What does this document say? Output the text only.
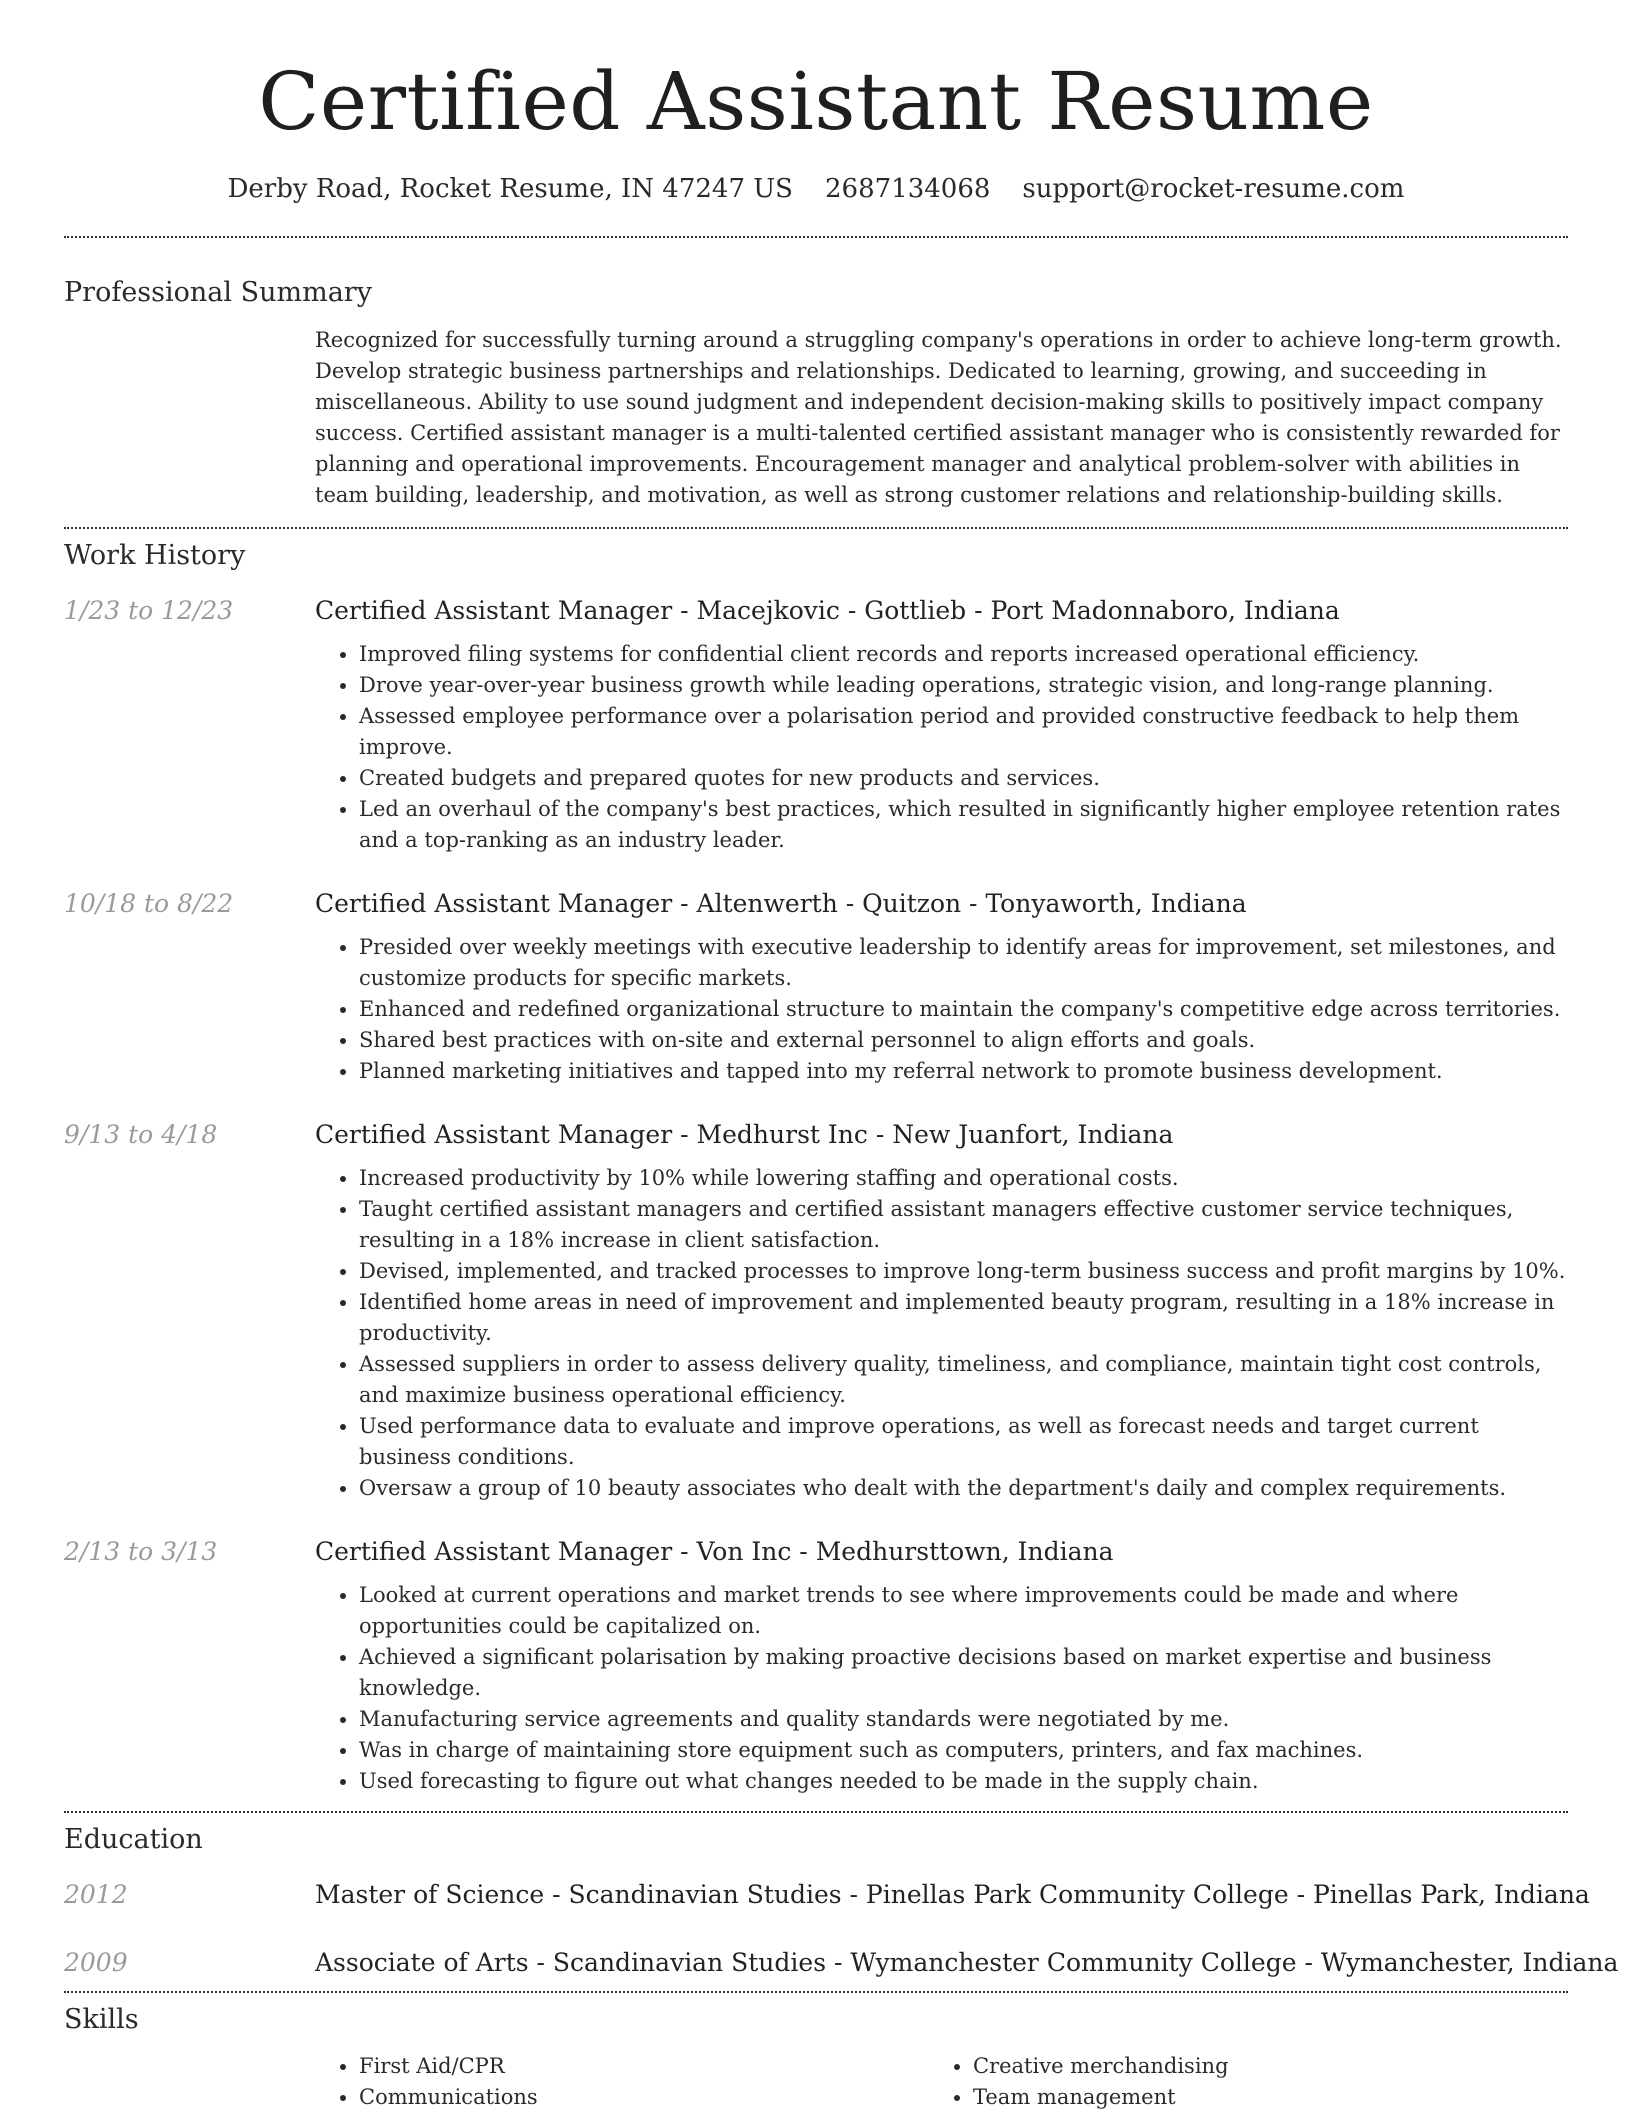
Certified Assistant Resume
Derby Road, Rocket Resume, IN 47247 US 2687134068 support@rocket-resume.com
Professional Summary
Recognized for successfully turning around a struggling company's operations in order to achieve long-term growth. Develop strategic business partnerships and relationships. Dedicated to learning, growing, and succeeding in miscellaneous. Ability to use sound judgment and independent decision-making skills to positively impact company success. Certified assistant manager is a multi-talented certified assistant manager who is consistently rewarded for planning and operational improvements. Encouragement manager and analytical problem-solver with abilities in team building, leadership, and motivation, as well as strong customer relations and relationship-building skills.
Work History
1/23 to 12/23	Certified Assistant Manager - Macejkovic - Gottlieb - Port Madonnaboro, Indiana
• Improved filing systems for confidential client records and reports increased operational efficiency.
• Drove year-over-year business growth while leading operations, strategic vision, and long-range planning.
• Assessed employee performance over a polarisation period and provided constructive feedback to help them improve.
• Created budgets and prepared quotes for new products and services.
• Led an overhaul of the company's best practices, which resulted in significantly higher employee retention rates and a top-ranking as an industry leader.
10/18 to 8/22	Certified Assistant Manager - Altenwerth - Quitzon - Tonyaworth, Indiana
• Presided over weekly meetings with executive leadership to identify areas for improvement, set milestones, and customize products for specific markets.
• Enhanced and redefined organizational structure to maintain the company's competitive edge across territories.
• Shared best practices with on-site and external personnel to align efforts and goals.
• Planned marketing initiatives and tapped into my referral network to promote business development.
9/13 to 4/18	Certified Assistant Manager - Medhurst Inc - New Juanfort, Indiana
• Increased productivity by 10% while lowering staffing and operational costs.
• Taught certified assistant managers and certified assistant managers effective customer service techniques, resulting in a 18% increase in client satisfaction.
• Devised, implemented, and tracked processes to improve long-term business success and profit margins by 10%.
• Identified home areas in need of improvement and implemented beauty program, resulting in a 18% increase in productivity.
• Assessed suppliers in order to assess delivery quality, timeliness, and compliance, maintain tight cost controls, and maximize business operational efficiency.
• Used performance data to evaluate and improve operations, as well as forecast needs and target current business conditions.
• Oversaw a group of 10 beauty associates who dealt with the department's daily and complex requirements.
2/13 to 3/13	Certified Assistant Manager - Von Inc - Medhursttown, Indiana
• Looked at current operations and market trends to see where improvements could be made and where opportunities could be capitalized on.
• Achieved a significant polarisation by making proactive decisions based on market expertise and business knowledge.
• Manufacturing service agreements and quality standards were negotiated by me.
• Was in charge of maintaining store equipment such as computers, printers, and fax machines.
• Used forecasting to figure out what changes needed to be made in the supply chain.
Education
2012	Master of Science - Scandinavian Studies - Pinellas Park Community College - Pinellas Park, Indiana
2009	Associate of Arts - Scandinavian Studies - Wymanchester Community College - Wymanchester, Indiana
Skills
• First Aid/CPR
• Communications
• Creative merchandising
• Team management
